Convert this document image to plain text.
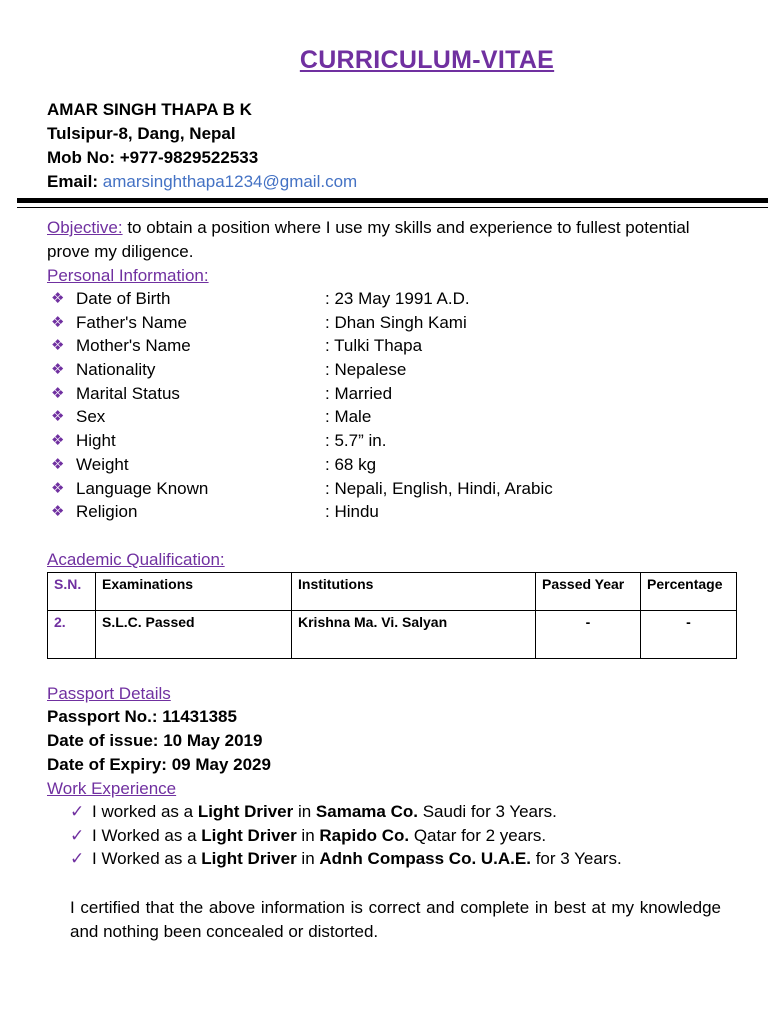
CURRICULUM-VITAE
AMAR SINGH THAPA B K
Tulsipur-8, Dang, Nepal
Mob No: +977-9829522533
Email: amarsinghthapa1234@gmail.com
Objective: to obtain a position where I use my skills and experience to fullest potential prove my diligence.
Personal Information:
❖ Date of Birth	: 23 May 1991 A.D.
❖ Father's Name	: Dhan Singh Kami
❖ Mother's Name	: Tulki Thapa
❖ Nationality	: Nepalese
❖ Marital Status	: Married
❖ Sex	: Male
❖ Hight	: 5.7” in.
❖ Weight	: 68 kg
❖ Language Known	: Nepali, English, Hindi, Arabic
❖ Religion	: Hindu
Academic Qualification:
S.N.	Examinations	Institutions	Passed Year	Percentage
2.	S.L.C. Passed	Krishna Ma. Vi. Salyan	-	-
Passport Details
Passport No.: 11431385
Date of issue: 10 May 2019
Date of Expiry: 09 May 2029
Work Experience
✓ I worked as a Light Driver in Samama Co. Saudi for 3 Years.
✓ I Worked as a Light Driver in Rapido Co. Qatar for 2 years.
✓ I Worked as a Light Driver in Adnh Compass Co. U.A.E. for 3 Years.
I certified that the above information is correct and complete in best at my knowledge and nothing been concealed or distorted.
